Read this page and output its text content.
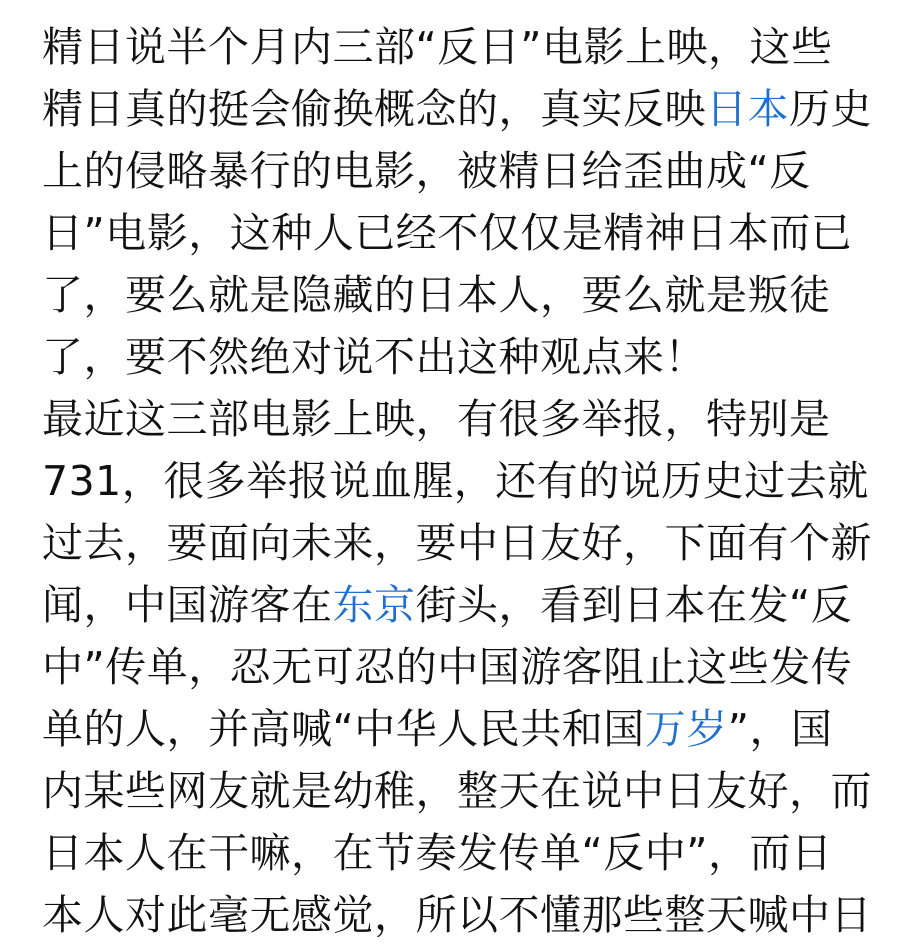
精日说半个月内三部“反日”电影上映，这些
精日真的挺会偷换概念的，真实反映日本历史
上的侵略暴行的电影，被精日给歪曲成“反
日”电影，这种人已经不仅仅是精神日本而已
了，要么就是隐藏的日本人，要么就是叛徒
了，要不然绝对说不出这种观点来！
最近这三部电影上映，有很多举报，特别是
731，很多举报说血腥，还有的说历史过去就
过去，要面向未来，要中日友好，下面有个新
闻，中国游客在东京街头，看到日本在发“反
中”传单，忍无可忍的中国游客阻止这些发传
单的人，并高喊“中华人民共和国万岁”，国
内某些网友就是幼稚，整天在说中日友好，而
日本人在干嘛，在节奏发传单“反中”，而日
本人对此毫无感觉，所以不懂那些整天喊中日
